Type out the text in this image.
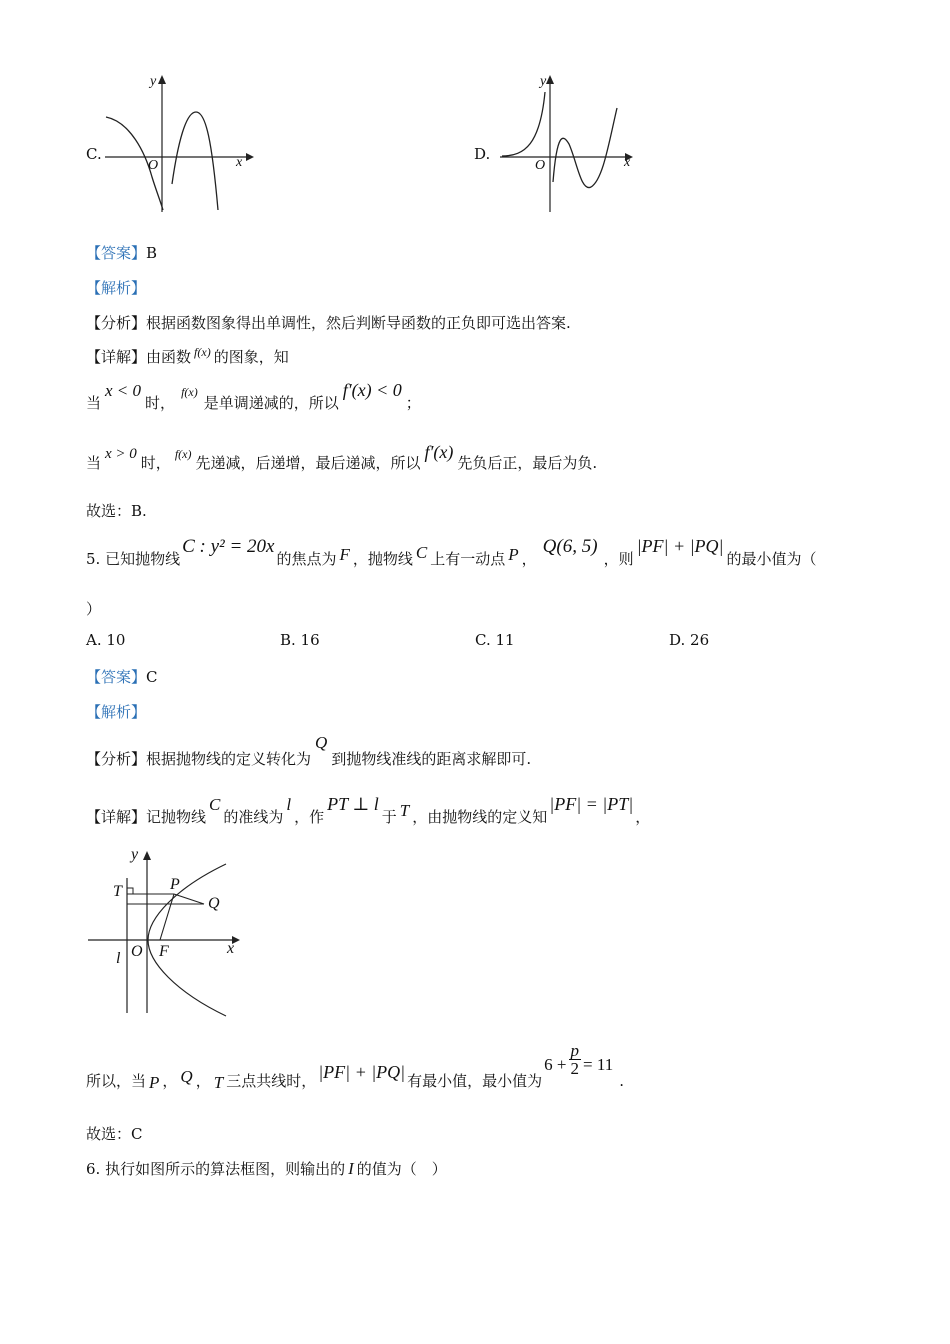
C.
y
x
O
D.
y
x
O
【答案】B
【解析】
【分析】根据函数图象得出单调性，然后判断导函数的正负即可选出答案.
【详解】由函数 $^{f(x)}$ 的图象，知
当x < 0时，f(x)是单调递减的，所以f′(x) < 0；
当 x > 0 时， f(x) 先递减，后递增，最后递减，所以f′(x)先负后正，最后为负.
故选：B.
5. 已知抛物线C : y² = 20x的焦点为 F ，抛物线 C 上有一动点 P ，Q(6, 5)，则|PF| + |PQ|的最小值为（
）
A. 10	B. 16	C. 11	D. 26
【答案】C
【解析】
【分析】根据抛物线的定义转化为Q到抛物线准线的距离求解即可.
【详解】记抛物线C的准线为l，作PT ⊥ l于 T ，由抛物线的定义知|PF| = |PT|，
y
T	P
Q
O F	x
l
所以，当 P ， Q ， T 三点共线时， |PF| + |PQ| 有最小值，最小值为$6 + \frac{p}{2} = 11$.
故选：C
6. 执行如图所示的算法框图，则输出的 I 的值为（　）
